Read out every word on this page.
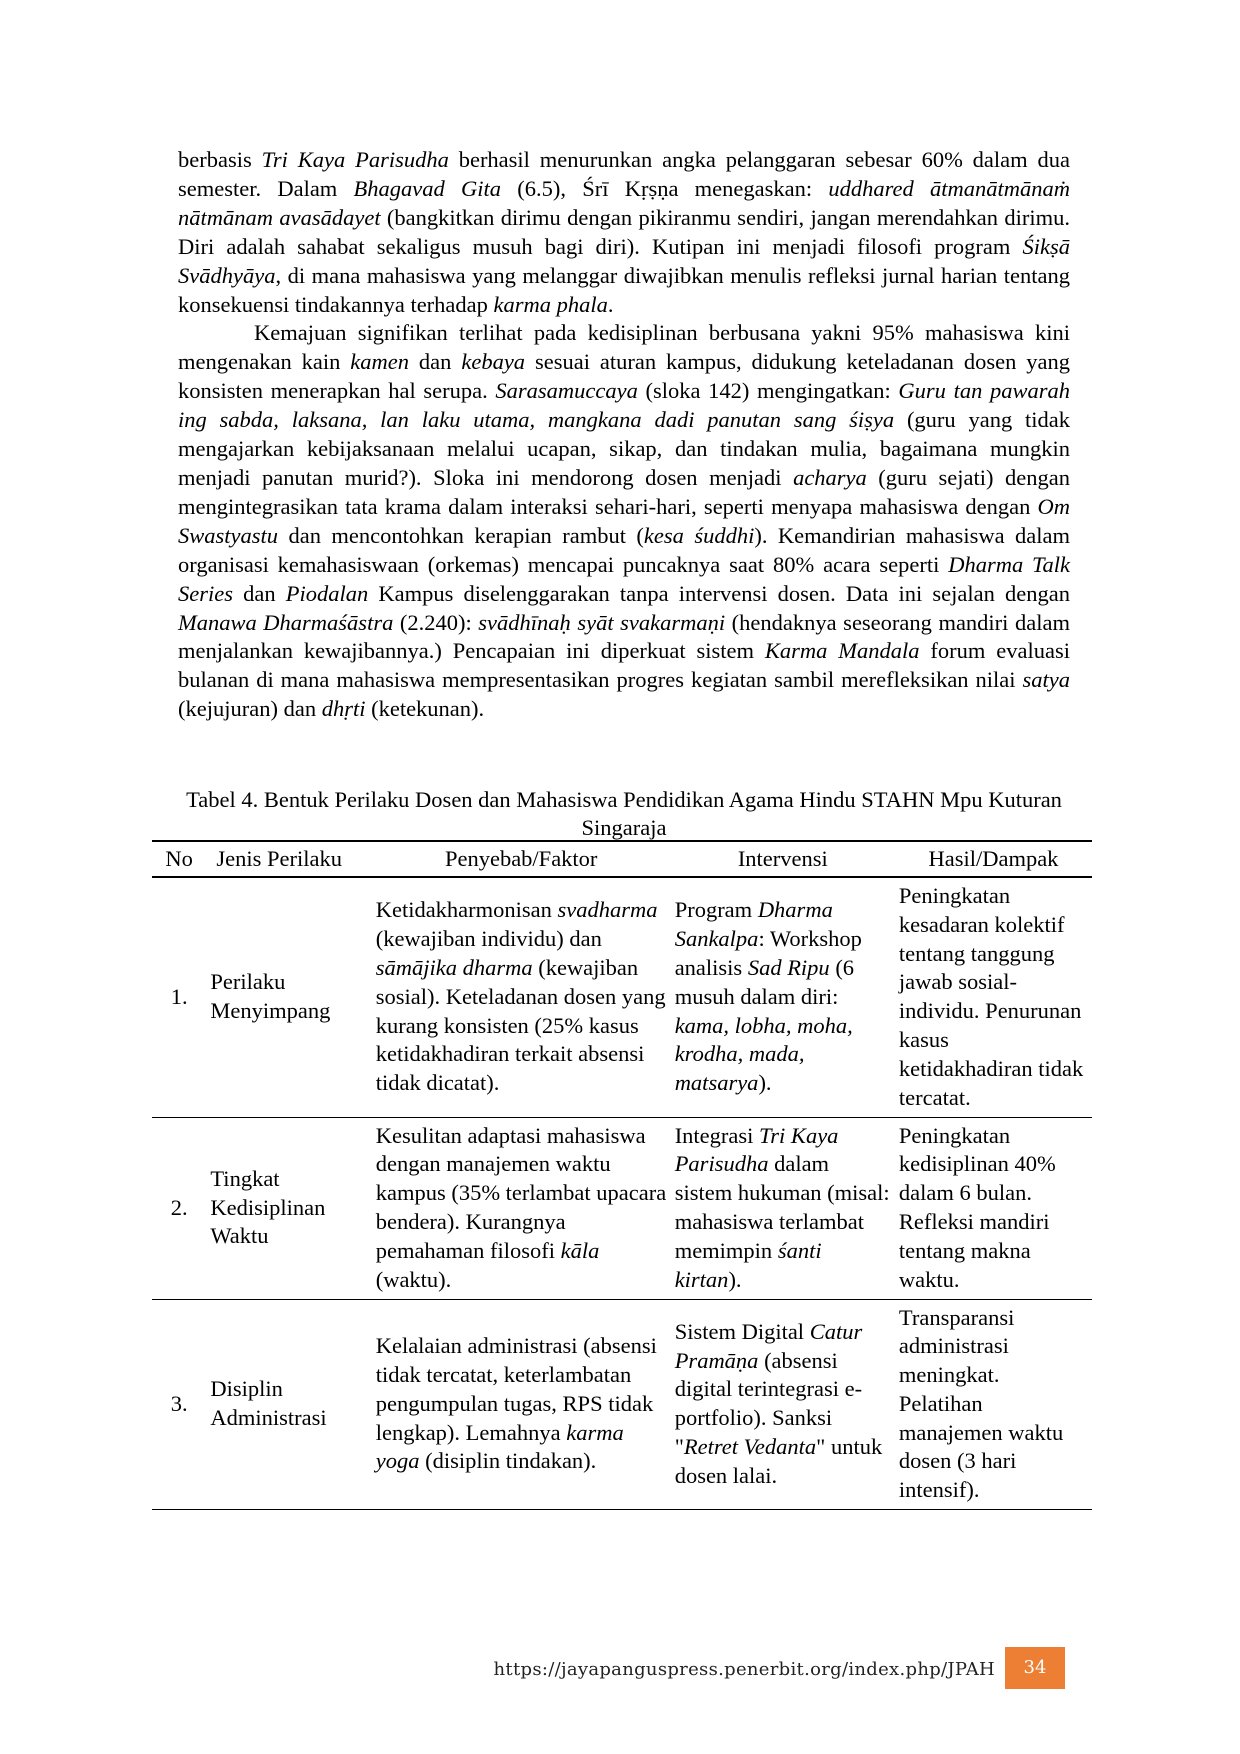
berbasis Tri Kaya Parisudha berhasil menurunkan angka pelanggaran sebesar 60% dalam dua semester. Dalam Bhagavad Gita (6.5), Śrī Kṛṣṇa menegaskan: uddhared ātmanātmānaṁ nātmānam avasādayet (bangkitkan dirimu dengan pikiranmu sendiri, jangan merendahkan dirimu. Diri adalah sahabat sekaligus musuh bagi diri). Kutipan ini menjadi filosofi program Śikṣā Svādhyāya, di mana mahasiswa yang melanggar diwajibkan menulis refleksi jurnal harian tentang konsekuensi tindakannya terhadap karma phala.

Kemajuan signifikan terlihat pada kedisiplinan berbusana yakni 95% mahasiswa kini mengenakan kain kamen dan kebaya sesuai aturan kampus, didukung keteladanan dosen yang konsisten menerapkan hal serupa. Sarasamuccaya (sloka 142) mengingatkan: Guru tan pawarah ing sabda, laksana, lan laku utama, mangkana dadi panutan sang śiṣya (guru yang tidak mengajarkan kebijaksanaan melalui ucapan, sikap, dan tindakan mulia, bagaimana mungkin menjadi panutan murid?). Sloka ini mendorong dosen menjadi acharya (guru sejati) dengan mengintegrasikan tata krama dalam interaksi sehari-hari, seperti menyapa mahasiswa dengan Om Swastyastu dan mencontohkan kerapian rambut (kesa śuddhi). Kemandirian mahasiswa dalam organisasi kemahasiswaan (orkemas) mencapai puncaknya saat 80% acara seperti Dharma Talk Series dan Piodalan Kampus diselenggarakan tanpa intervensi dosen. Data ini sejalan dengan Manawa Dharmaśāstra (2.240): svādhīnaḥ syāt svakarmaṇi (hendaknya seseorang mandiri dalam menjalankan kewajibannya.) Pencapaian ini diperkuat sistem Karma Mandala forum evaluasi bulanan di mana mahasiswa mempresentasikan progres kegiatan sambil merefleksikan nilai satya (kejujuran) dan dhṛti (ketekunan).

Tabel 4. Bentuk Perilaku Dosen dan Mahasiswa Pendidikan Agama Hindu STAHN Mpu Kuturan Singaraja
No	Jenis Perilaku	Penyebab/Faktor	Intervensi	Hasil/Dampak
1.	Perilaku Menyimpang	Ketidakharmonisan svadharma (kewajiban individu) dan sāmājika dharma (kewajiban sosial). Keteladanan dosen yang kurang konsisten (25% kasus ketidakhadiran terkait absensi tidak dicatat).	Program Dharma Sankalpa: Workshop analisis Sad Ripu (6 musuh dalam diri: kama, lobha, moha, krodha, mada, matsarya).	Peningkatan kesadaran kolektif tentang tanggung jawab sosial-individu. Penurunan kasus ketidakhadiran tidak tercatat.
2.	Tingkat Kedisiplinan Waktu	Kesulitan adaptasi mahasiswa dengan manajemen waktu kampus (35% terlambat upacara bendera). Kurangnya pemahaman filosofi kāla (waktu).	Integrasi Tri Kaya Parisudha dalam sistem hukuman (misal: mahasiswa terlambat memimpin śanti kirtan).	Peningkatan kedisiplinan 40% dalam 6 bulan. Refleksi mandiri tentang makna waktu.
3.	Disiplin Administrasi	Kelalaian administrasi (absensi tidak tercatat, keterlambatan pengumpulan tugas, RPS tidak lengkap). Lemahnya karma yoga (disiplin tindakan).	Sistem Digital Catur Pramāṇa (absensi digital terintegrasi e-portfolio). Sanksi "Retret Vedanta" untuk dosen lalai.	Transparansi administrasi meningkat. Pelatihan manajemen waktu dosen (3 hari intensif).
https://jayapanguspress.penerbit.org/index.php/JPAH	34
